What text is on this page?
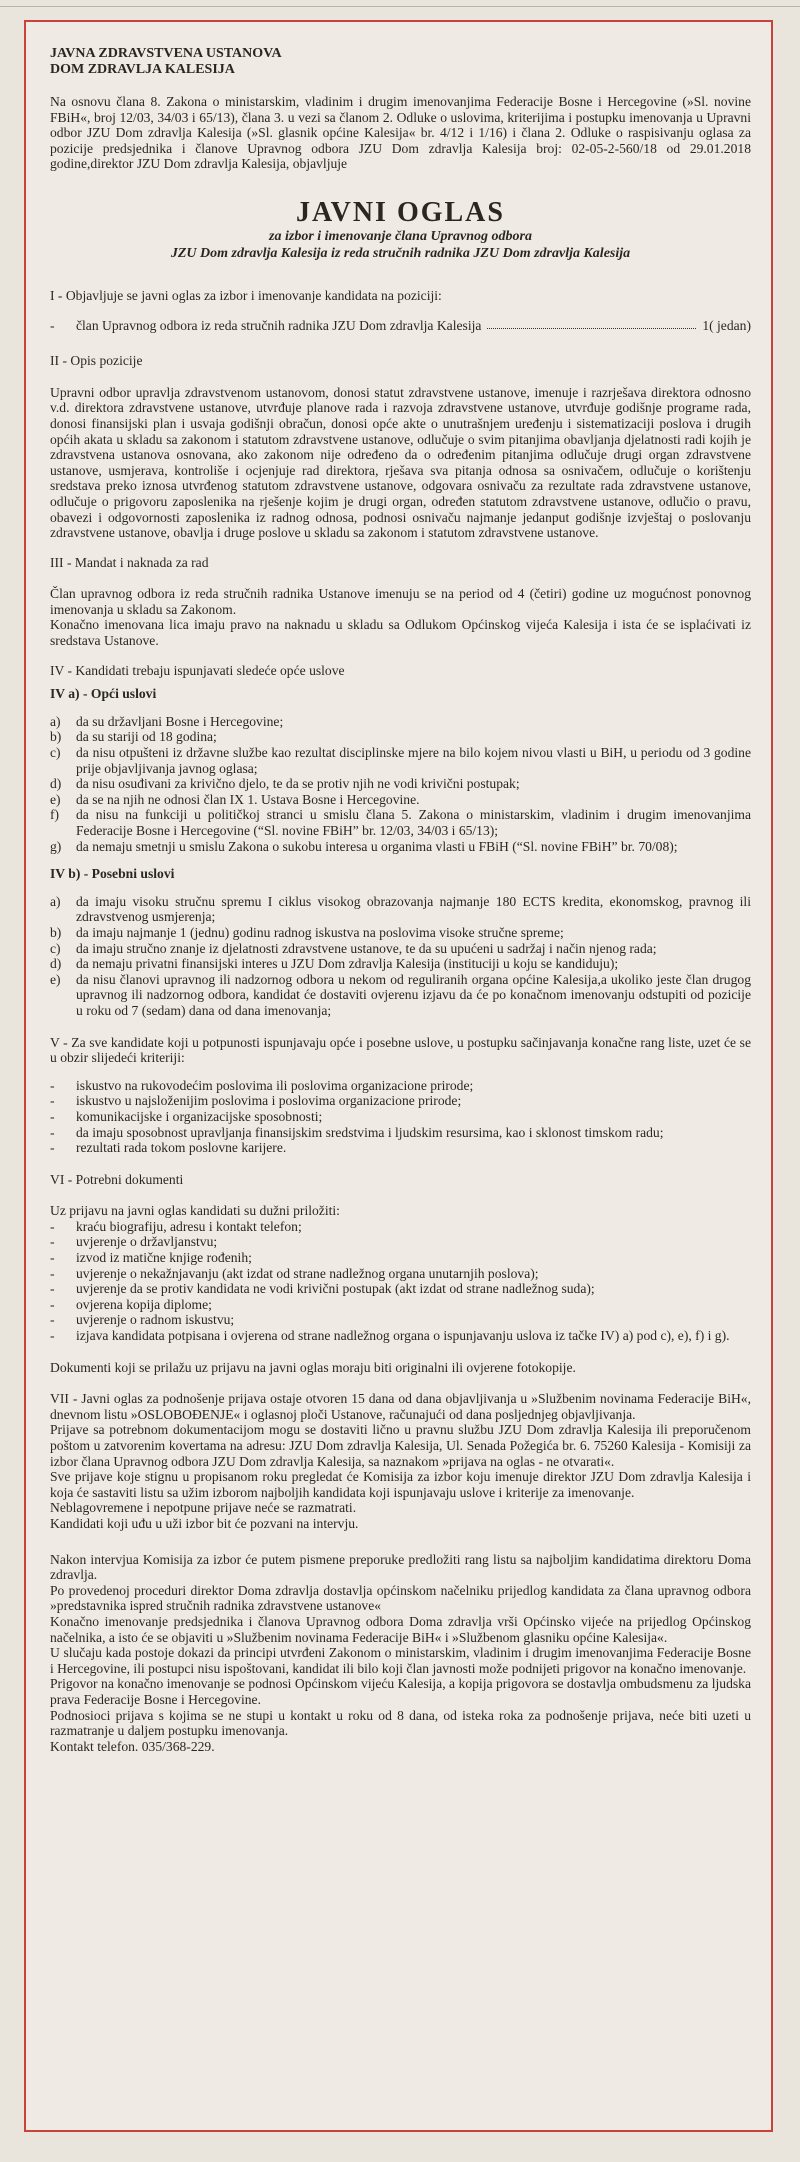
JAVNA ZDRAVSTVENA USTANOVA
DOM ZDRAVLJA KALESIJA

Na osnovu člana 8. Zakona o ministarskim, vladinim i drugim imenovanjima Federacije Bosne i Hercegovine (»Sl. novine FBiH«, broj 12/03, 34/03 i 65/13), člana 3. u vezi sa članom 2. Odluke o uslovima, kriterijima i postupku imenovanja u Upravni odbor JZU Dom zdravlja Kalesija (»Sl. glasnik općine Kalesija« br. 4/12 i 1/16) i člana 2. Odluke o raspisivanju oglasa za pozicije predsjednika i članove Upravnog odbora JZU Dom zdravlja Kalesija broj: 02-05-2-560/18 od 29.01.2018 godine,direktor JZU Dom zdravlja Kalesija, objavljuje

JAVNI OGLAS
za izbor i imenovanje člana Upravnog odbora
JZU Dom zdravlja Kalesija iz reda stručnih radnika JZU Dom zdravlja Kalesija
I - Objavljuje se javni oglas za izbor i imenovanje kandidata na poziciji:
-	član Upravnog odbora iz reda stručnih radnika JZU Dom zdravlja Kalesija	1( jedan)
II - Opis pozicije

Upravni odbor upravlja zdravstvenom ustanovom, donosi statut zdravstvene ustanove, imenuje i razrješava direktora odnosno v.d. direktora zdravstvene ustanove, utvrđuje planove rada i razvoja zdravstvene ustanove, utvrđuje godišnje programe rada, donosi finansijski plan i usvaja godišnji obračun, donosi opće akte o unutrašnjem uređenju i sistematizaciji poslova i drugih općih akata u skladu sa zakonom i statutom zdravstvene ustanove, odlučuje o svim pitanjima obavljanja djelatnosti radi kojih je zdravstvena ustanova osnovana, ako zakonom nije određeno da o određenim pitanjima odlučuje drugi organ zdravstvene ustanove, usmjerava, kontroliše i ocjenjuje rad direktora, rješava sva pitanja odnosa sa osnivačem, odlučuje o korištenju sredstava preko iznosa utvrđenog statutom zdravstvene ustanove, odgovara osnivaču za rezultate rada zdravstvene ustanove, odlučuje o prigovoru zaposlenika na rješenje kojim je drugi organ, određen statutom zdravstvene ustanove, odlučio o pravu, obavezi i odgovornosti zaposlenika iz radnog odnosa, podnosi osnivaču najmanje jedanput godišnje izvještaj o poslovanju zdravstvene ustanove, obavlja i druge poslove u skladu sa zakonom i statutom zdravstvene ustanove.

III - Mandat i naknada za rad

Član upravnog odbora iz reda stručnih radnika Ustanove imenuju se na period od 4 (četiri) godine uz mogućnost ponovnog imenovanja u skladu sa Zakonom.

Konačno imenovana lica imaju pravo na naknadu u skladu sa Odlukom Općinskog vijeća Kalesija i ista će se isplaćivati iz sredstava Ustanove.

IV - Kandidati trebaju ispunjavati sledeće opće uslove
IV a) - Opći uslovi
a)	da su državljani Bosne i Hercegovine;
b)	da su stariji od 18 godina;
c)	da nisu otpušteni iz državne službe kao rezultat disciplinske mjere na bilo kojem nivou vlasti u BiH, u periodu od 3 godine prije objavljivanja javnog oglasa;
d)	da nisu osuđivani za krivično djelo, te da se protiv njih ne vodi krivični postupak;
e)	da se na njih ne odnosi član IX 1. Ustava Bosne i Hercegovine.
f)	da nisu na funkciji u političkoj stranci u smislu člana 5. Zakona o ministarskim, vladinim i drugim imenovanjima Federacije Bosne i Hercegovine (“Sl. novine FBiH” br. 12/03, 34/03 i 65/13);
g)	da nemaju smetnji u smislu Zakona o sukobu interesa u organima vlasti u FBiH (“Sl. novine FBiH” br. 70/08);
IV b) - Posebni uslovi
a)	da imaju visoku stručnu spremu I ciklus visokog obrazovanja najmanje 180 ECTS kredita, ekonomskog, pravnog ili zdravstvenog usmjerenja;
b)	da imaju najmanje 1 (jednu) godinu radnog iskustva na poslovima visoke stručne spreme;
c)	da imaju stručno znanje iz djelatnosti zdravstvene ustanove, te da su upućeni u sadržaj i način njenog rada;
d)	da nemaju privatni finansijski interes u JZU Dom zdravlja Kalesija (instituciji u koju se kandiduju);
e)	da nisu članovi upravnog ili nadzornog odbora u nekom od reguliranih organa općine Kalesija,a ukoliko jeste član drugog upravnog ili nadzornog odbora, kandidat će dostaviti ovjerenu izjavu da će po konačnom imenovanju odstupiti od pozicije u roku od 7 (sedam) dana od dana imenovanja;

V - Za sve kandidate koji u potpunosti ispunjavaju opće i posebne uslove, u postupku sačinjavanja konačne rang liste, uzet će se u obzir slijedeći kriteriji:

-	iskustvo na rukovodećim poslovima ili poslovima organizacione prirode;
-	iskustvo u najsloženijim poslovima i poslovima organizacione prirode;
-	komunikacijske i organizacijske sposobnosti;
-	da imaju sposobnost upravljanja finansijskim sredstvima i ljudskim resursima, kao i sklonost timskom radu;
-	rezultati rada tokom poslovne karijere.
VI - Potrebni dokumenti
Uz prijavu na javni oglas kandidati su dužni priložiti:
-	kraću biografiju, adresu i kontakt telefon;
-	uvjerenje o državljanstvu;
-	izvod iz matične knjige rođenih;
-	uvjerenje o nekažnjavanju (akt izdat od strane nadležnog organa unutarnjih poslova);
-	uvjerenje da se protiv kandidata ne vodi krivični postupak (akt izdat od strane nadležnog suda);
-	ovjerena kopija diplome;
-	uvjerenje o radnom iskustvu;
-	izjava kandidata potpisana i ovjerena od strane nadležnog organa o ispunjavanju uslova iz tačke IV) a) pod c), e), f) i g).

Dokumenti koji se prilažu uz prijavu na javni oglas moraju biti originalni ili ovjerene fotokopije.

VII - Javni oglas za podnošenje prijava ostaje otvoren 15 dana od dana objavljivanja u »Službenim novinama Federacije BiH«, dnevnom listu »OSLOBOĐENJE« i oglasnoj ploči Ustanove, računajući od dana posljednjeg objavljivanja.

Prijave sa potrebnom dokumentacijom mogu se dostaviti lično u pravnu službu JZU Dom zdravlja Kalesija ili preporučenom poštom u zatvorenim kovertama na adresu: JZU Dom zdravlja Kalesija, Ul. Senada Požegića br. 6. 75260 Kalesija - Komisiji za izbor člana Upravnog odbora JZU Dom zdravlja Kalesija, sa naznakom »prijava na oglas - ne otvarati«.

Sve prijave koje stignu u propisanom roku pregledat će Komisija za izbor koju imenuje direktor JZU Dom zdravlja Kalesija i koja će sastaviti listu sa užim izborom najboljih kandidata koji ispunjavaju uslove i kriterije za imenovanje.

Neblagovremene i nepotpune prijave neće se razmatrati.

Kandidati koji uđu u uži izbor bit će pozvani na intervju.

Nakon intervjua Komisija za izbor će putem pismene preporuke predložiti rang listu sa najboljim kandidatima direktoru Doma zdravlja.

Po provedenoj proceduri direktor Doma zdravlja dostavlja općinskom načelniku prijedlog kandidata za člana upravnog odbora »predstavnika ispred stručnih radnika zdravstvene ustanove«

Konačno imenovanje predsjednika i članova Upravnog odbora Doma zdravlja vrši Općinsko vijeće na prijedlog Općinskog načelnika, a isto će se objaviti u »Službenim novinama Federacije BiH« i »Službenom glasniku općine Kalesija«.

U slučaju kada postoje dokazi da principi utvrđeni Zakonom o ministarskim, vladinim i drugim imenovanjima Federacije Bosne i Hercegovine, ili postupci nisu ispoštovani, kandidat ili bilo koji član javnosti može podnijeti prigovor na konačno imenovanje.

Prigovor na konačno imenovanje se podnosi Općinskom vijeću Kalesija, a kopija prigovora se dostavlja ombudsmenu za ljudska prava Federacije Bosne i Hercegovine.

Podnosioci prijava s kojima se ne stupi u kontakt u roku od 8 dana, od isteka roka za podnošenje prijava, neće biti uzeti u razmatranje u daljem postupku imenovanja.

Kontakt telefon. 035/368-229.
